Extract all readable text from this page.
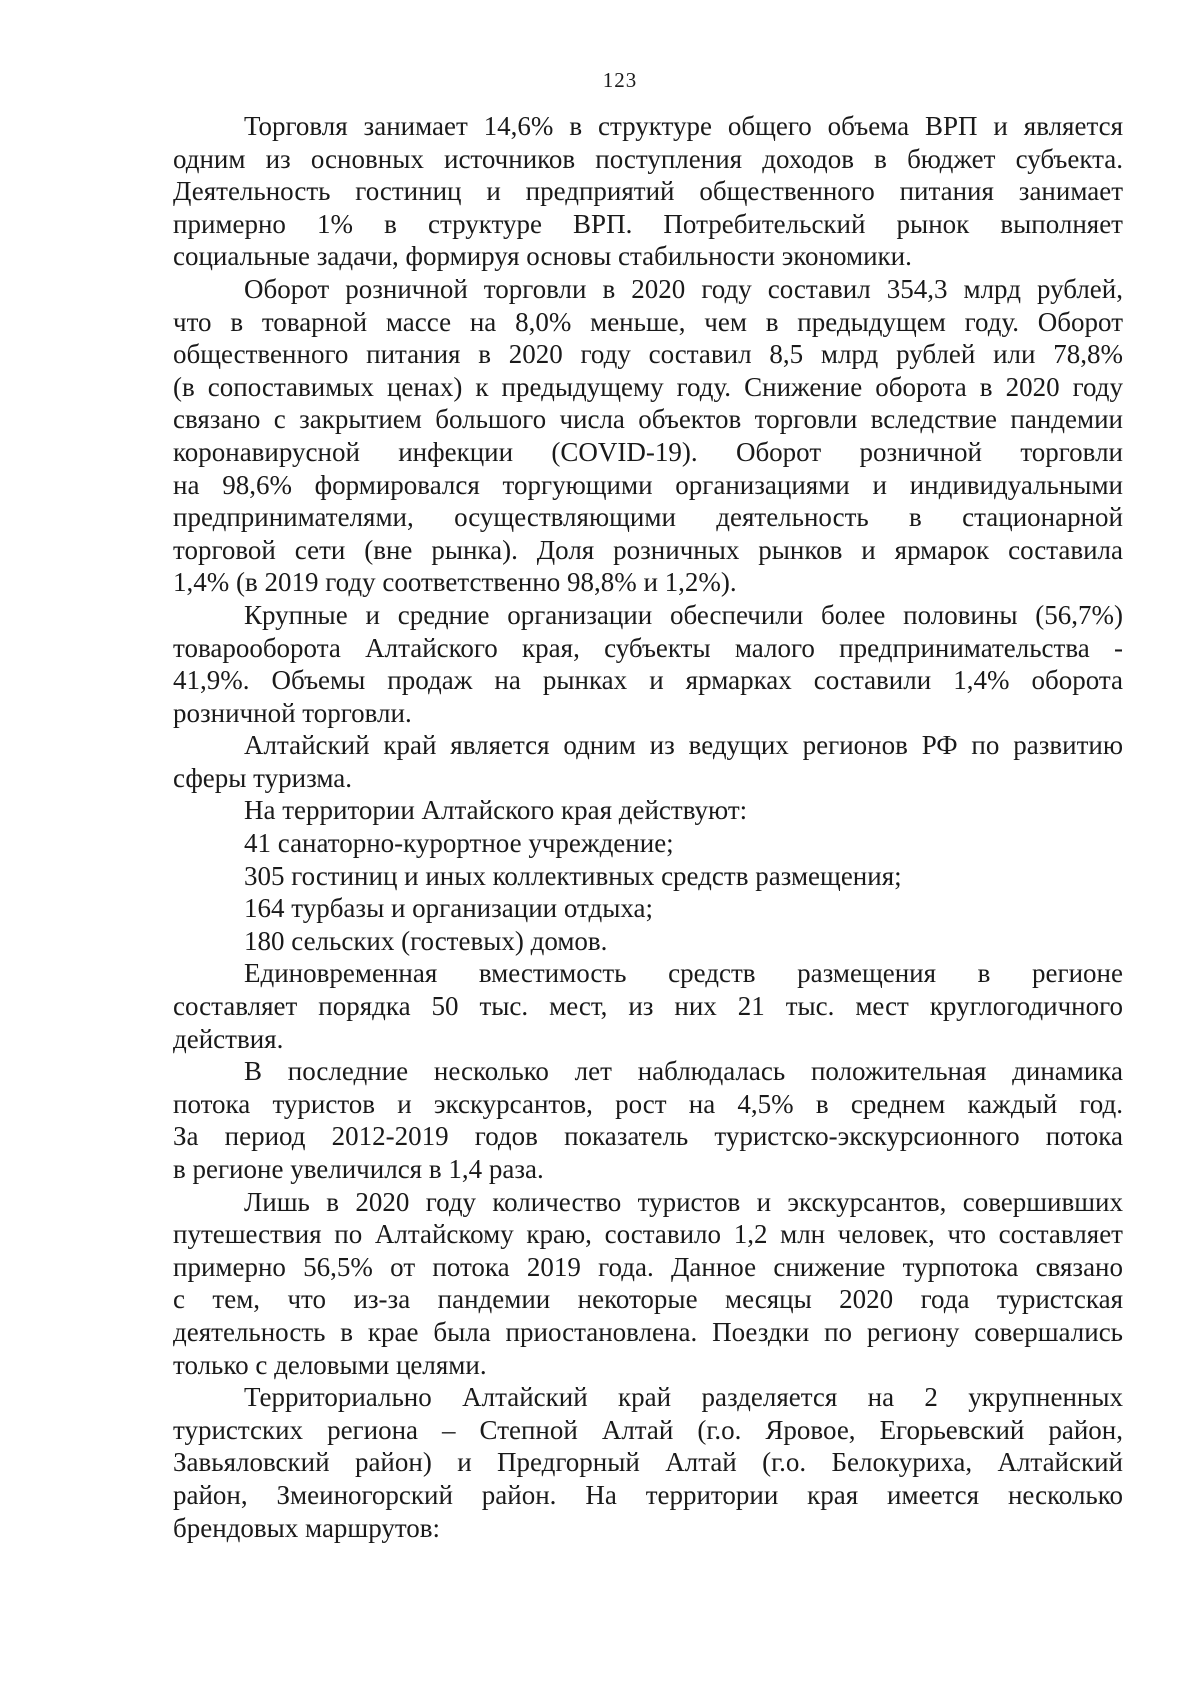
123
Торговля занимает 14,6% в структуре общего объема ВРП и является
одним из основных источников поступления доходов в бюджет субъекта.
Деятельность гостиниц и предприятий общественного питания занимает
примерно 1% в структуре ВРП. Потребительский рынок выполняет
социальные задачи, формируя основы стабильности экономики.
Оборот розничной торговли в 2020 году составил 354,3 млрд рублей,
что в товарной массе на 8,0% меньше, чем в предыдущем году. Оборот
общественного питания в 2020 году составил 8,5 млрд рублей или 78,8%
(в сопоставимых ценах) к предыдущему году. Снижение оборота в 2020 году
связано с закрытием большого числа объектов торговли вследствие пандемии
коронавирусной инфекции (COVID-19). Оборот розничной торговли
на 98,6% формировался торгующими организациями и индивидуальными
предпринимателями, осуществляющими деятельность в стационарной
торговой сети (вне рынка). Доля розничных рынков и ярмарок составила
1,4% (в 2019 году соответственно 98,8% и 1,2%).
Крупные и средние организации обеспечили более половины (56,7%)
товарооборота Алтайского края, субъекты малого предпринимательства -
41,9%. Объемы продаж на рынках и ярмарках составили 1,4% оборота
розничной торговли.
Алтайский край является одним из ведущих регионов РФ по развитию
сферы туризма.
На территории Алтайского края действуют:
41 санаторно-курортное учреждение;
305 гостиниц и иных коллективных средств размещения;
164 турбазы и организации отдыха;
180 сельских (гостевых) домов.
Единовременная вместимость средств размещения в регионе
составляет порядка 50 тыс. мест, из них 21 тыс. мест круглогодичного
действия.
В последние несколько лет наблюдалась положительная динамика
потока туристов и экскурсантов, рост на 4,5% в среднем каждый год.
За период 2012-2019 годов показатель туристско-экскурсионного потока
в регионе увеличился в 1,4 раза.
Лишь в 2020 году количество туристов и экскурсантов, совершивших
путешествия по Алтайскому краю, составило 1,2 млн человек, что составляет
примерно 56,5% от потока 2019 года. Данное снижение турпотока связано
с тем, что из-за пандемии некоторые месяцы 2020 года туристская
деятельность в крае была приостановлена. Поездки по региону совершались
только с деловыми целями.
Территориально Алтайский край разделяется на 2 укрупненных
туристских региона – Степной Алтай (г.о. Яровое, Егорьевский район,
Завьяловский район) и Предгорный Алтай (г.о. Белокуриха, Алтайский
район, Змеиногорский район. На территории края имеется несколько
брендовых маршрутов:
